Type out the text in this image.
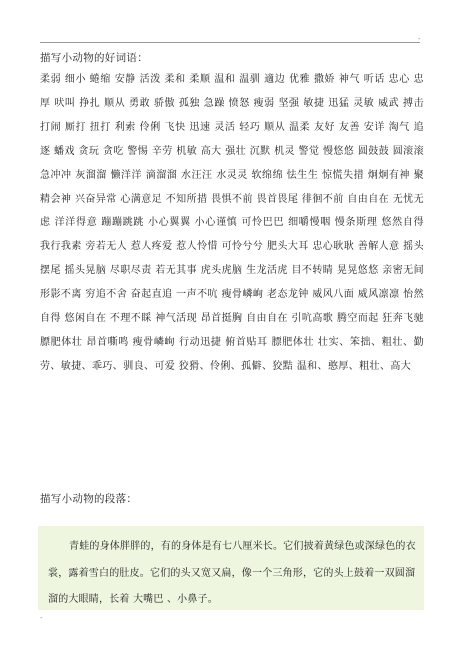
-
描写小动物的好词语：
柔弱 细小 蜷缩 安静 活泼 柔和 柔顺 温和 温驯 適边 优雅 撒娇 神气 听话 忠心 忠厚 吠叫 挣扎 顺从 勇敢 骄傲 孤独 急躁 愤怒 瘦弱 坚强 敏捷 迅猛 灵敏 威武 搏击 打闹 厮打 扭打 利索 伶俐 飞快 迅速 灵活 轻巧 顺从 温柔 友好 友善 安详 淘气 追逐 蟠戏 贪玩 贪吃 警惕 辛劳 机敏 高大 强壮 沉默 机灵 警觉 慢悠悠 圆鼓鼓 圆滚滚 急冲冲 灰溜溜 懒洋洋 滴溜溜 水汪汪 水灵灵 软绵绵 怯生生 惊慌失措 炯炯有神 聚精会神 兴奋异常 心满意足 不知所措 畏惧不前 畏首畏尾 徘徊不前 自由自在 无忧无虑 洋洋得意 蹦蹦跳跳 小心翼翼 小心谨慎 可怜巴巴 细嚼慢咽 慢条斯理 悠然自得 我行我素 旁若无人 惹人疼爱 惹人怜惜 可怜兮兮 肥头大耳 忠心耿耿 善解人意 摇头摆尾 摇头晃脑 尽职尽责 若无其事 虎头虎脑 生龙活虎 目不转睛 晃晃悠悠 亲密无间 形影不离 穷追不舍 奋起直追 一声不吭 瘦骨嶙峋 老态龙钟 威风八面 威风凛凛 怡然自得 悠闲自在 不理不睬 神气活现 昂首挺胸 自由自在 引吭高歌 腾空而起 狂奔飞驰 膘肥体壮 昂首嘶鸣 瘦骨嶙峋 行动迅捷 俯首贴耳 膘肥体壮 壮实、笨拙、粗壮、勤劳、敏捷、乖巧、驯良、可爱 狡猾、伶俐、孤僻、狡黠 温和、憨厚、粗壮、高大
描写小动物的段落：
青蛙的身体胖胖的，有的身体是有七八厘米长。它们披着黄绿色或深绿色的衣裳，露着雪白的肚皮。它们的头又宽又扁，像一个三角形，它的头上鼓着一双圆溜溜的大眼睛，长着 大嘴巴 、小鼻子。
-
